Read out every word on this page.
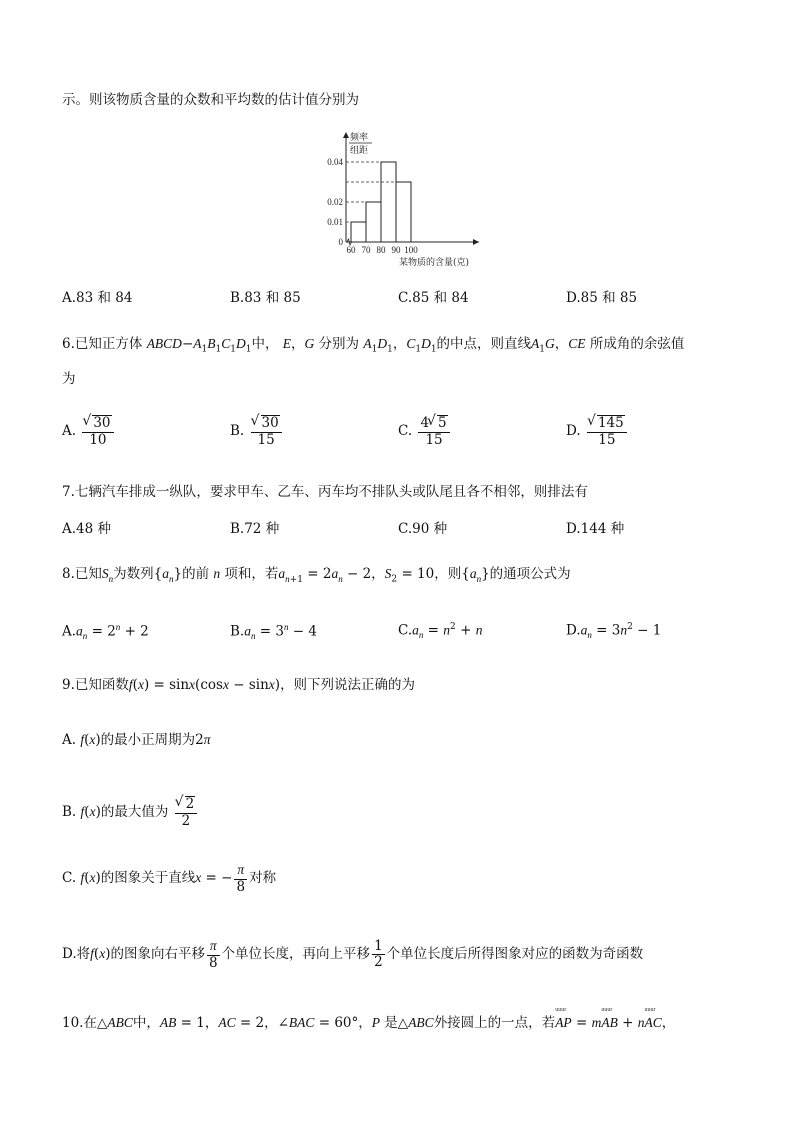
示。则该物质含量的众数和平均数的估计值分别为
0.04
0.02
0.01
0
60 70 80 90 100
频率
组距
某物质的含量(克)
A.83 和 84	B.83 和 85	C.85 和 84	D.85 和 85
6.已知正方体 $ABCD-A_1B_1C_1D_1$中， E，G 分别为 $A_1D_1$，$C_1D_1$的中点，则直线$A_1G$，CE 所成角的余弦值
为
A. √ $\frac{30}{10}$	B. √ $\frac{30}{15}$	C. $\frac{4 √ 5}{15}$	D. √ $\frac{145}{15}$
7.七辆汽车排成一纵队，要求甲车、乙车、丙车均不排队头或队尾且各不相邻，则排法有
A.48 种	B.72 种	C.90 种	D.144 种
8.已知$S_n$为数列$\{a_n\}$的前 n 项和，若$a_{n+1} = 2a_n - 2$，$S_2 = 10$，则$\{a_n\}$的通项公式为
$A.a_n = 2^n + 2$	$B.a_n = 3^n - 4$	$C.a_n = n^2 + n$	$D.a_n = 3n^2 - 1$
9.已知函数f(x) = sinx(cosx − sinx)，则下列说法正确的为
A. f(x)的最小正周期为2π
B. f(x)的最大值为 √ $\frac{2}{2}$
C. f(x)的图象关于直线x = − $\frac{\pi}{8}$ 对称
D.将f(x)的图象向右平移 $\frac{\pi}{8}$ 个单位长度，再向上平移 $\frac{1}{2}$ 个单位长度后所得图象对应的函数为奇函数
10.在△ABC中，AB = 1，AC = 2，∠BAC = 60°，P 是△ABC外接圆上的一点，若uuur AP = muuur AB + nuuur AC，
